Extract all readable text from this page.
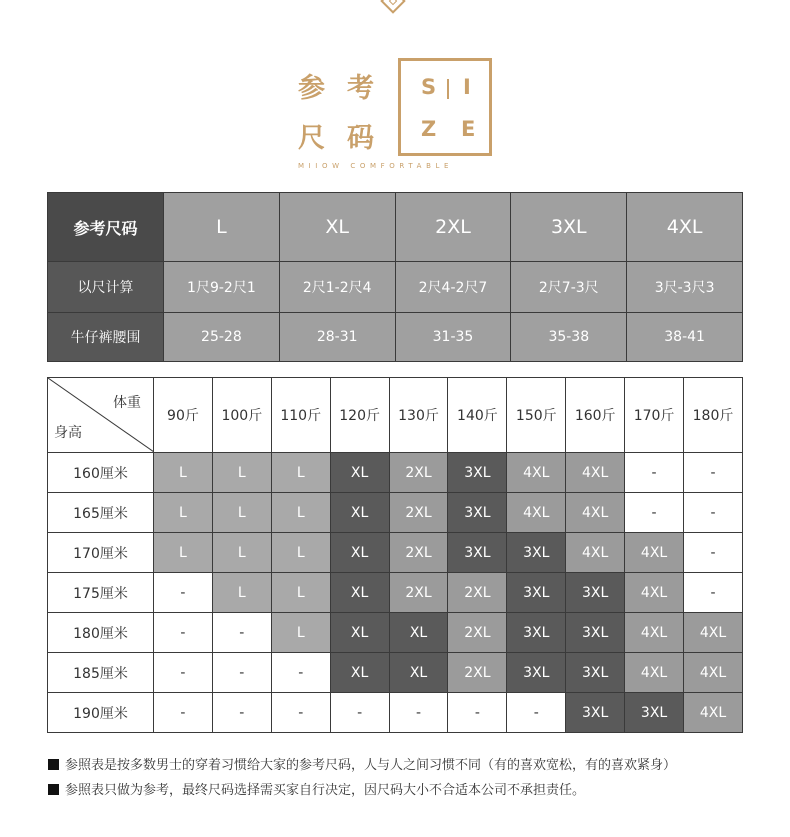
参考
尺码
S I
Z E
MIIOW COMFORTABLE
参考尺码	L	XL	2XL	3XL	4XL
以尺计算	1尺9-2尺1	2尺1-2尺4	2尺4-2尺7	2尺7-3尺	3尺-3尺3
牛仔裤腰围	25-28	28-31	31-35	35-38	38-41
体重
身高	90斤	100斤	110斤	120斤	130斤	140斤	150斤	160斤	170斤	180斤
160厘米	L	L	L	XL	2XL	3XL	4XL	4XL	-	-
165厘米	L	L	L	XL	2XL	3XL	4XL	4XL	-	-
170厘米	L	L	L	XL	2XL	3XL	3XL	4XL	4XL	-
175厘米	-	L	L	XL	2XL	2XL	3XL	3XL	4XL	-
180厘米	-	-	L	XL	XL	2XL	3XL	3XL	4XL	4XL
185厘米	-	-	-	XL	XL	2XL	3XL	3XL	4XL	4XL
190厘米	-	-	-	-	-	-	-	3XL	3XL	4XL
参照表是按多数男士的穿着习惯给大家的参考尺码，人与人之间习惯不同（有的喜欢宽松，有的喜欢紧身）
参照表只做为参考，最终尺码选择需买家自行决定，因尺码大小不合适本公司不承担责任。
